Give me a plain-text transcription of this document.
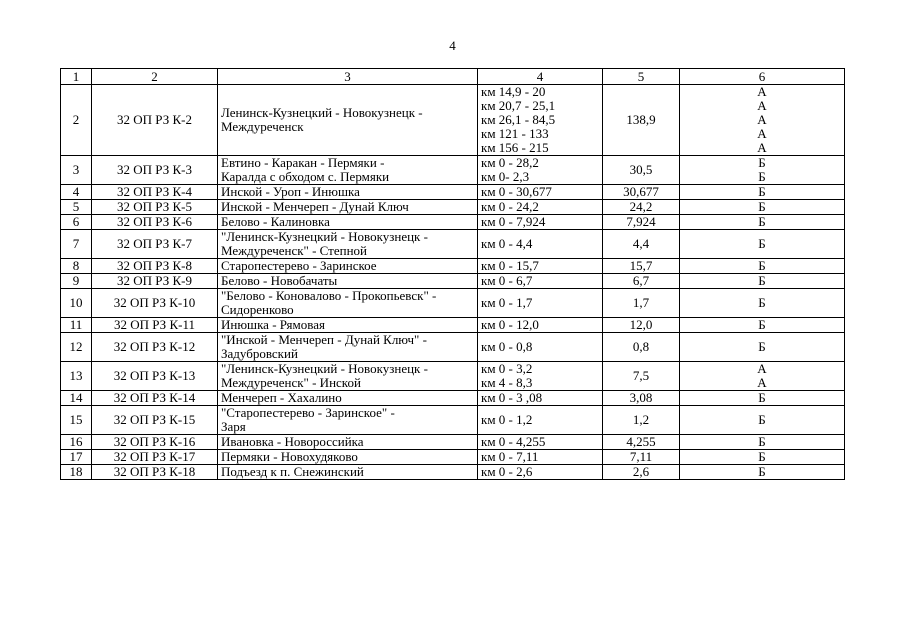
4
1	2	3	4	5	6
2	32 ОП РЗ К-2	Ленинск-Кузнецкий - Новокузнецк -
Междуреченск	км 14,9 - 20
км 20,7 - 25,1
км 26,1 - 84,5
км 121 - 133
км 156 - 215	138,9	А
А
А
А
А

3	32 ОП РЗ К-3	Евтино - Каракан - Пермяки -
Каралда с обходом с. Пермяки	км 0 - 28,2
км 0- 2,3	30,5	Б
Б

4	32 ОП РЗ К-4	Инской - Уроп - Инюшка	км 0 - 30,677	30,677	Б

5	32 ОП РЗ К-5	Инской - Менчереп - Дунай Ключ	км 0 - 24,2	24,2	Б

6	32 ОП РЗ К-6	Белово - Калиновка	км 0 - 7,924	7,924	Б

7	32 ОП РЗ К-7	"Ленинск-Кузнецкий - Новокузнецк -
Междуреченск" - Степной	км 0 - 4,4	4,4	Б

8	32 ОП РЗ К-8	Старопестерево - Заринское	км 0 - 15,7	15,7	Б

9	32 ОП РЗ К-9	Белово - Новобачаты	км 0 - 6,7	6,7	Б

10	32 ОП РЗ К-10	"Белово - Коновалово - Прокопьевск" -
Сидоренково	км 0 - 1,7	1,7	Б

11	32 ОП РЗ К-11	Инюшка - Рямовая	км 0 - 12,0	12,0	Б

12	32 ОП РЗ К-12	"Инской - Менчереп - Дунай Ключ" -
Задубровский	км 0 - 0,8	0,8	Б

13	32 ОП РЗ К-13	"Ленинск-Кузнецкий - Новокузнецк -
Междуреченск" - Инской	км 0 - 3,2
км 4 - 8,3	7,5	А
А

14	32 ОП РЗ К-14	Менчереп - Хахалино	км 0 - 3 ,08	3,08	Б

15	32 ОП РЗ К-15	"Старопестерево - Заринское" -
Заря	км 0 - 1,2	1,2	Б

16	32 ОП РЗ К-16	Ивановка - Новороссийка	км 0 - 4,255	4,255	Б

17	32 ОП РЗ К-17	Пермяки - Новохудяково	км 0 - 7,11	7,11	Б

18	32 ОП РЗ К-18	Подъезд к п. Снежинский	км 0 - 2,6	2,6	Б
